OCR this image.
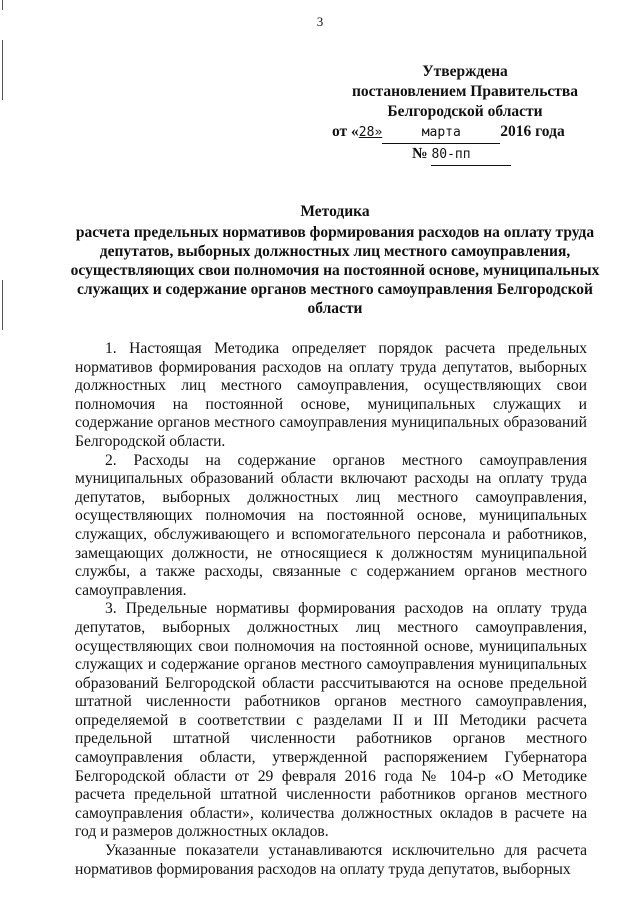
3
Утверждена
постановлением Правительства
Белгородской области
от «28»	марта	2016 года
№ 80-пп
Методика
расчета предельных нормативов формирования расходов на оплату труда депутатов, выборных должностных лиц местного самоуправления, осуществляющих свои полномочия на постоянной основе, муниципальных служащих и содержание органов местного самоуправления Белгородской области

1. Настоящая Методика определяет порядок расчета предельных нормативов формирования расходов на оплату труда депутатов, выборных должностных лиц местного самоуправления, осуществляющих свои полномочия на постоянной основе, муниципальных служащих и содержание органов местного самоуправления муниципальных образований Белгородской области.

2. Расходы на содержание органов местного самоуправления муниципальных образований области включают расходы на оплату труда депутатов, выборных должностных лиц местного самоуправления, осуществляющих полномочия на постоянной основе, муниципальных служащих, обслуживающего и вспомогательного персонала и работников, замещающих должности, не относящиеся к должностям муниципальной службы, а также расходы, связанные с содержанием органов местного самоуправления.

3. Предельные нормативы формирования расходов на оплату труда депутатов, выборных должностных лиц местного самоуправления, осуществляющих свои полномочия на постоянной основе, муниципальных служащих и содержание органов местного самоуправления муниципальных образований Белгородской области рассчитываются на основе предельной штатной численности работников органов местного самоуправления, определяемой в соответствии с разделами II и III Методики расчета предельной штатной численности работников органов местного самоуправления области, утвержденной распоряжением Губернатора Белгородской области от 29 февраля 2016 года № 104-р «О Методике расчета предельной штатной численности работников органов местного самоуправления области», количества должностных окладов в расчете на год и размеров должностных окладов.

Указанные показатели устанавливаются исключительно для расчета нормативов формирования расходов на оплату труда депутатов, выборных
